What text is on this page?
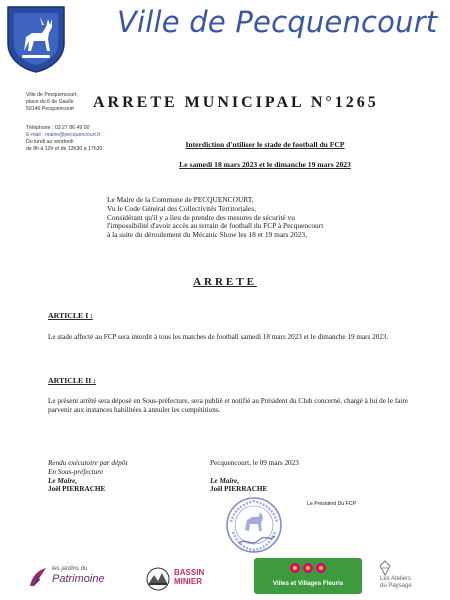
Ville de Pecquencourt
Ville de Pecquencourt,
place du 6 de Gaulle
59146 Pecquencourt
Téléphone : 03 27 86 49 00
E-mail : mairie@pecquencourt.fr
Du lundi au vendredi
de 8h à 12h et de 13h30 à 17h30
ARRETE MUNICIPAL N°1265
Interdiction d'utiliser le stade de football du FCP
Le samedi 18 mars 2023 et le dimanche 19 mars 2023
Le Maire de la Commune de PECQUENCOURT,
Vu le Code Général des Collectivités Territoriales,
Considérant qu'il y a lieu de prendre des mesures de sécurité vu
l'impossibilité d'avoir accès au terrain de football du FCP à Pecquencourt
à la suite du déroulement du Mécanic Show les 18 et 19 mars 2023,
ARRETE
ARTICLE I :
Le stade affecté au FCP sera interdit à tous les matches de football samedi 18 mars 2023 et le dimanche 19 mars 2023.
ARTICLE II :
Le présent arrêté sera déposé en Sous-préfecture, sera publié et notifié au Président du Club concerné, chargé à lui de le faire parvenir aux instances habilitées à annuler les compétitions.
Rendu exécutoire par dépôt
En Sous-préfecture
Le Maire,
Joël PIERRACHE
Pecquencourt, le 09 mars 2023
Le Maire,
Joël PIERRACHE
Le Président Du FCP
les jardins du
Patrimoine
BASSIN
MINIER	Villes et Villages Fleuris
Les Ateliers
du Paysage
